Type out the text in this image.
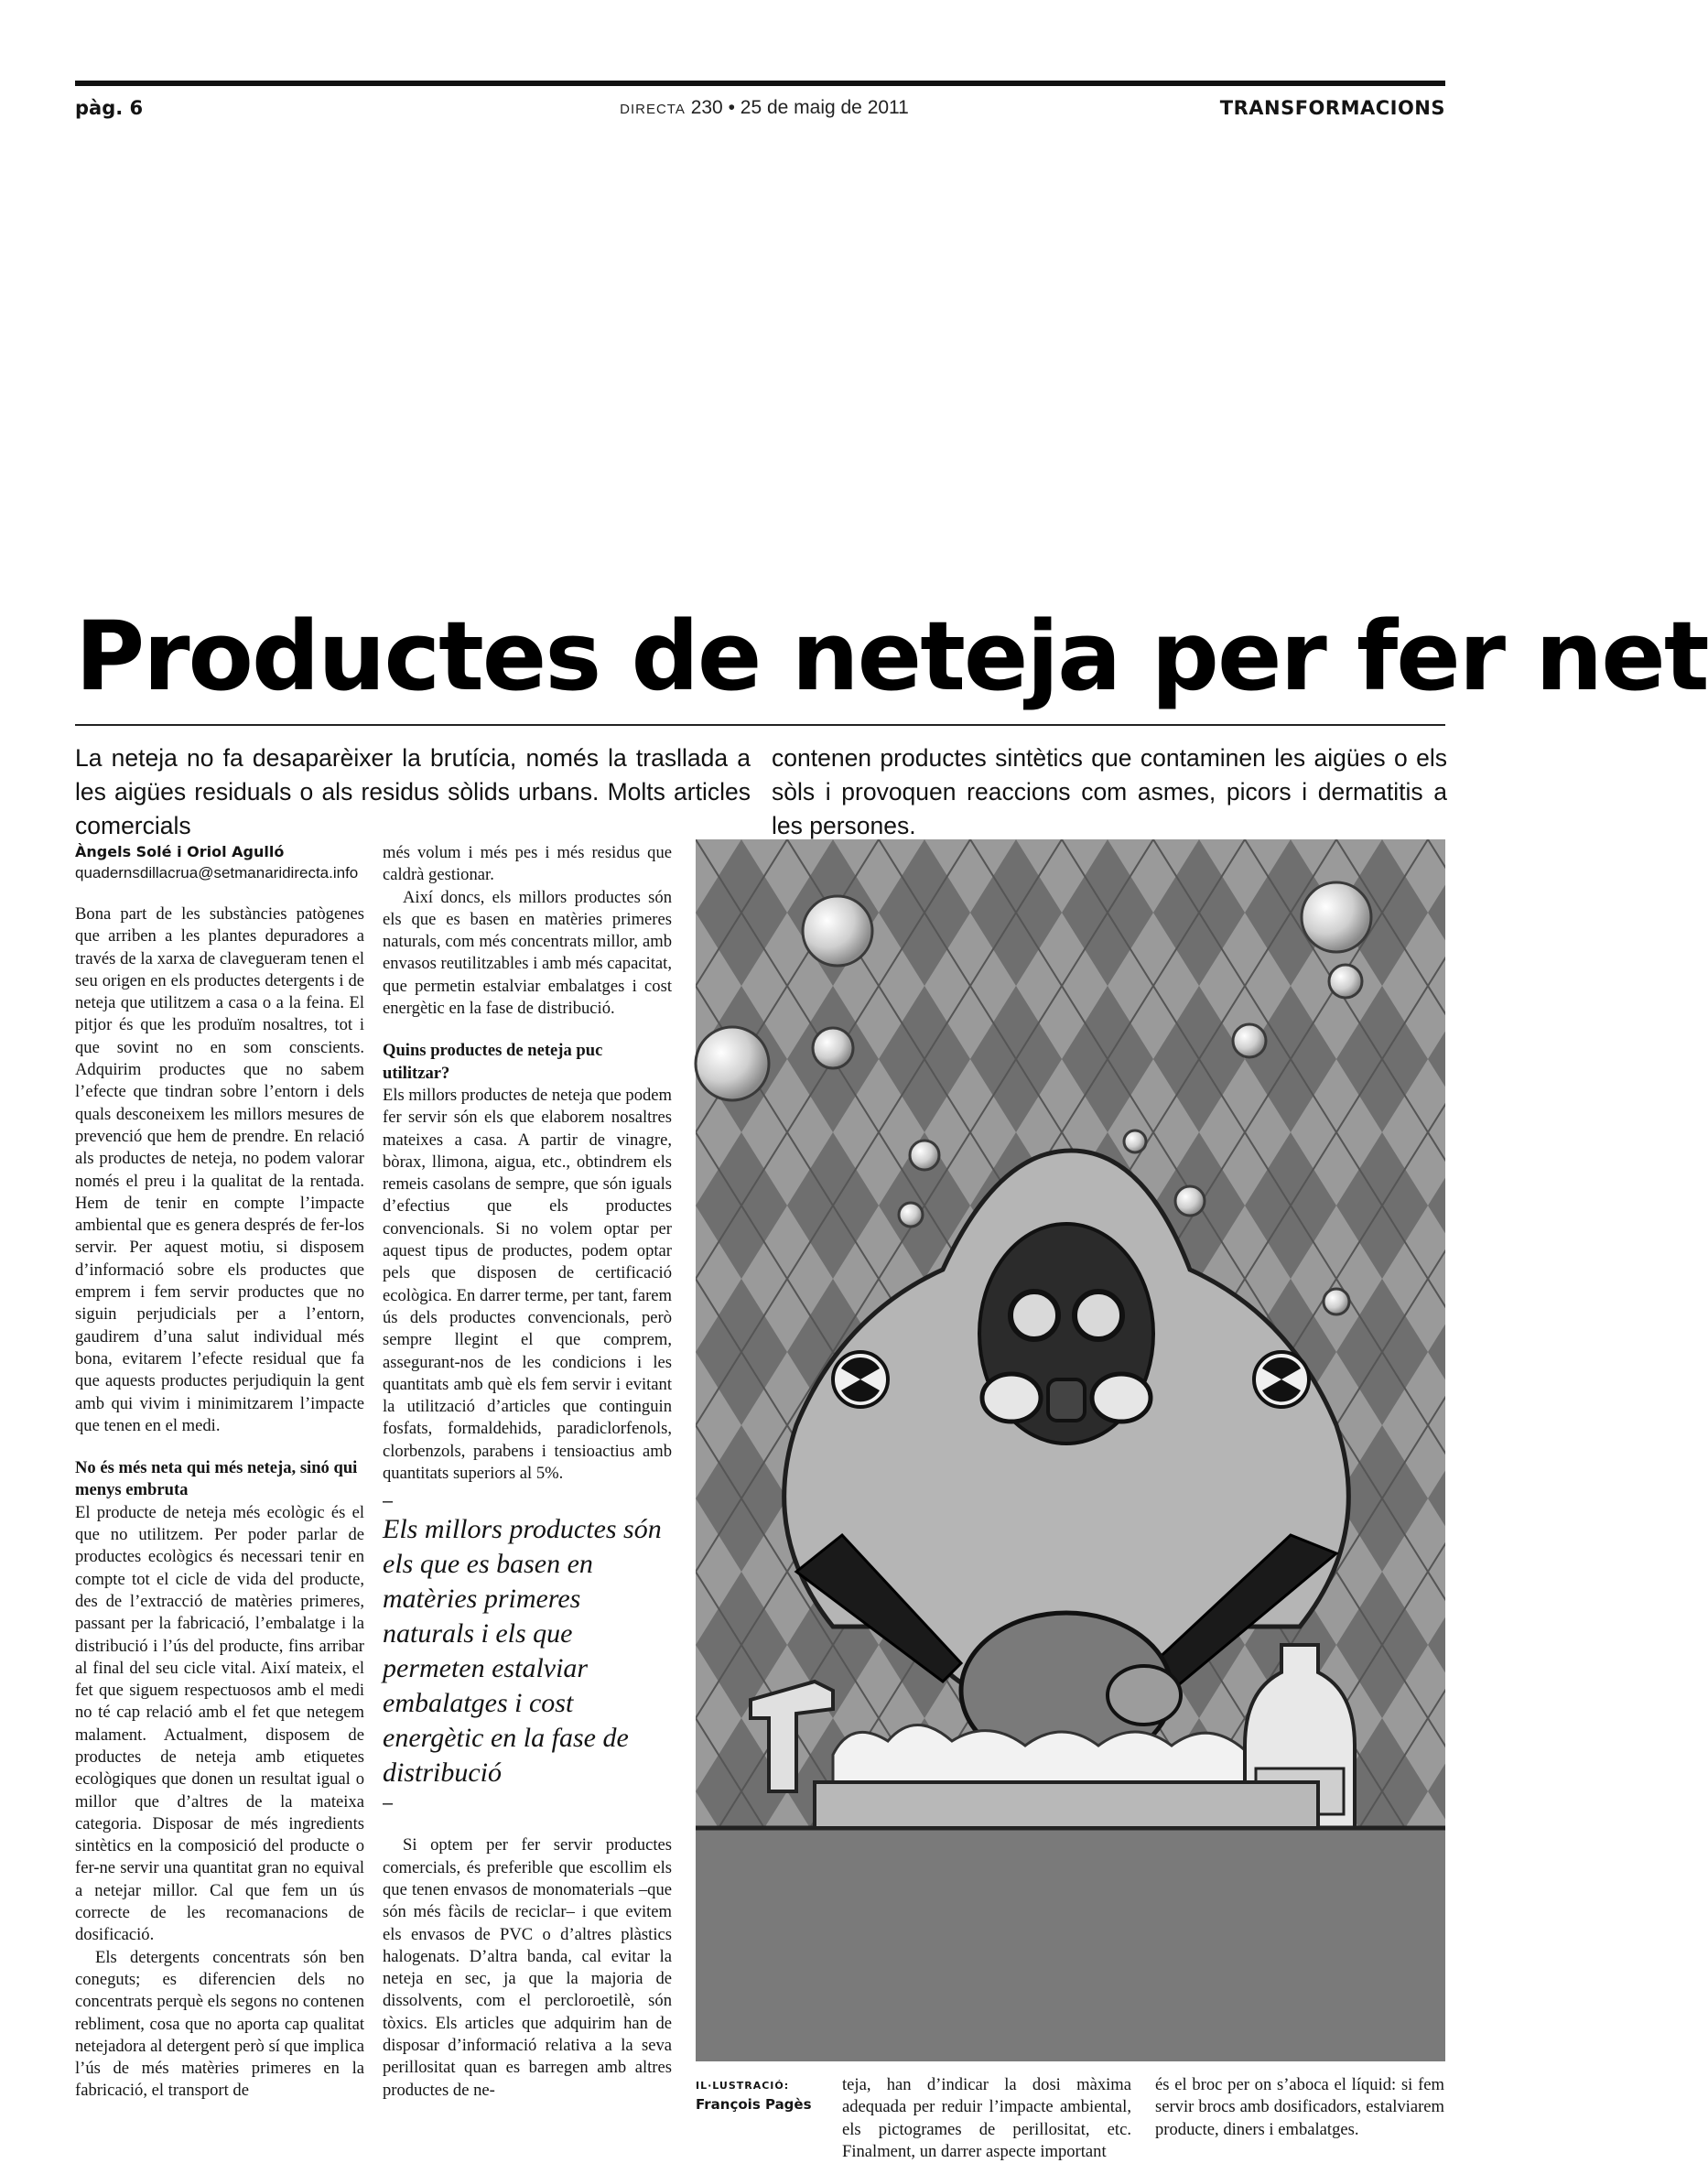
pàg. 6	DIRECTA 230 • 25 de maig de 2011	TRANSFORMACIONS
Productes de neteja per fer net

La neteja no fa desaparèixer la brutícia, només la trasllada a les aigües residuals o als residus sòlids urbans. Molts articles comercials

contenen productes sintètics que contaminen les aigües o els sòls i provoquen reaccions com asmes, picors i dermatitis a les persones.

Àngels Solé i Oriol Agulló

quadernsdillacrua@setmanaridirecta.info

Bona part de les substàncies patògenes que arriben a les plantes depuradores a través de la xarxa de clavegueram tenen el seu origen en els productes detergents i de neteja que utilitzem a casa o a la feina. El pitjor és que les produïm nosaltres, tot i que sovint no en som conscients. Adquirim productes que no sabem l’efecte que tindran sobre l’entorn i dels quals desconeixem les millors mesures de prevenció que hem de prendre. En relació als productes de neteja, no podem valorar només el preu i la qualitat de la rentada. Hem de tenir en compte l’impacte ambiental que es genera després de fer-los servir. Per aquest motiu, si disposem d’informació sobre els productes que emprem i fem servir productes que no siguin perjudicials per a l’entorn, gaudirem d’una salut individual més bona, evitarem l’efecte residual que fa que aquests productes perjudiquin la gent amb qui vivim i minimitzarem l’impacte que tenen en el medi.

No és més neta qui més neteja, sinó qui menys embruta

El producte de neteja més ecològic és el que no utilitzem. Per poder parlar de productes ecològics és necessari tenir en compte tot el cicle de vida del producte, des de l’extracció de matèries primeres, passant per la fabricació, l’embalatge i la distribució i l’ús del producte, fins arribar al final del seu cicle vital. Així mateix, el fet que siguem respectuosos amb el medi no té cap relació amb el fet que netegem malament. Actualment, disposem de productes de neteja amb etiquetes ecològiques que donen un resultat igual o millor que d’altres de la mateixa categoria. Disposar de més ingredients sintètics en la composició del producte o fer-ne servir una quantitat gran no equival a netejar millor. Cal que fem un ús correcte de les recomanacions de dosificació.

Els detergents concentrats són ben coneguts; es diferencien dels no concentrats perquè els segons no contenen rebliment, cosa que no aporta cap qualitat netejadora al detergent però sí que implica l’ús de més matèries primeres en la fabricació, el transport de

més volum i més pes i més residus que caldrà gestionar.

Així doncs, els millors productes són els que es basen en matèries primeres naturals, com més concentrats millor, amb envasos reutilitzables i amb més capacitat, que permetin estalviar embalatges i cost energètic en la fase de distribució.

Quins productes de neteja puc utilitzar?

Els millors productes de neteja que podem fer servir són els que elaborem nosaltres mateixes a casa. A partir de vinagre, bòrax, llimona, aigua, etc., obtindrem els remeis casolans de sempre, que són iguals d’efectius que els productes convencionals. Si no volem optar per aquest tipus de productes, podem optar pels que disposen de certificació ecològica. En darrer terme, per tant, farem ús dels productes convencionals, però sempre llegint el que comprem, assegurant-nos de les condicions i les quantitats amb què els fem servir i evitant la utilització d’articles que continguin fosfats, formaldehids, paradiclorfenols, clorbenzols, parabens i tensioactius amb quantitats superiors al 5%.

–

Els millors productes són els que es basen en matèries primeres naturals i els que permeten estalviar embalatges i cost energètic en la fase de distribució

–

Si optem per fer servir productes comercials, és preferible que escollim els que tenen envasos de monomaterials –que són més fàcils de reciclar– i que evitem els envasos de PVC o d’altres plàstics halogenats. D’altra banda, cal evitar la neteja en sec, ja que la majoria de dissolvents, com el percloroetilè, són tòxics. Els articles que adquirim han de disposar d’informació relativa a la seva perillositat quan es barregen amb altres productes de ne-	IL·LUSTRACIÓ:
François Pagès

teja, han d’indicar la dosi màxima adequada per reduir l’impacte ambiental, els pictogrames de perillositat, etc. Finalment, un darrer aspecte important

és el broc per on s’aboca el líquid: si fem servir brocs amb dosificadors, estalviarem producte, diners i embalatges.
